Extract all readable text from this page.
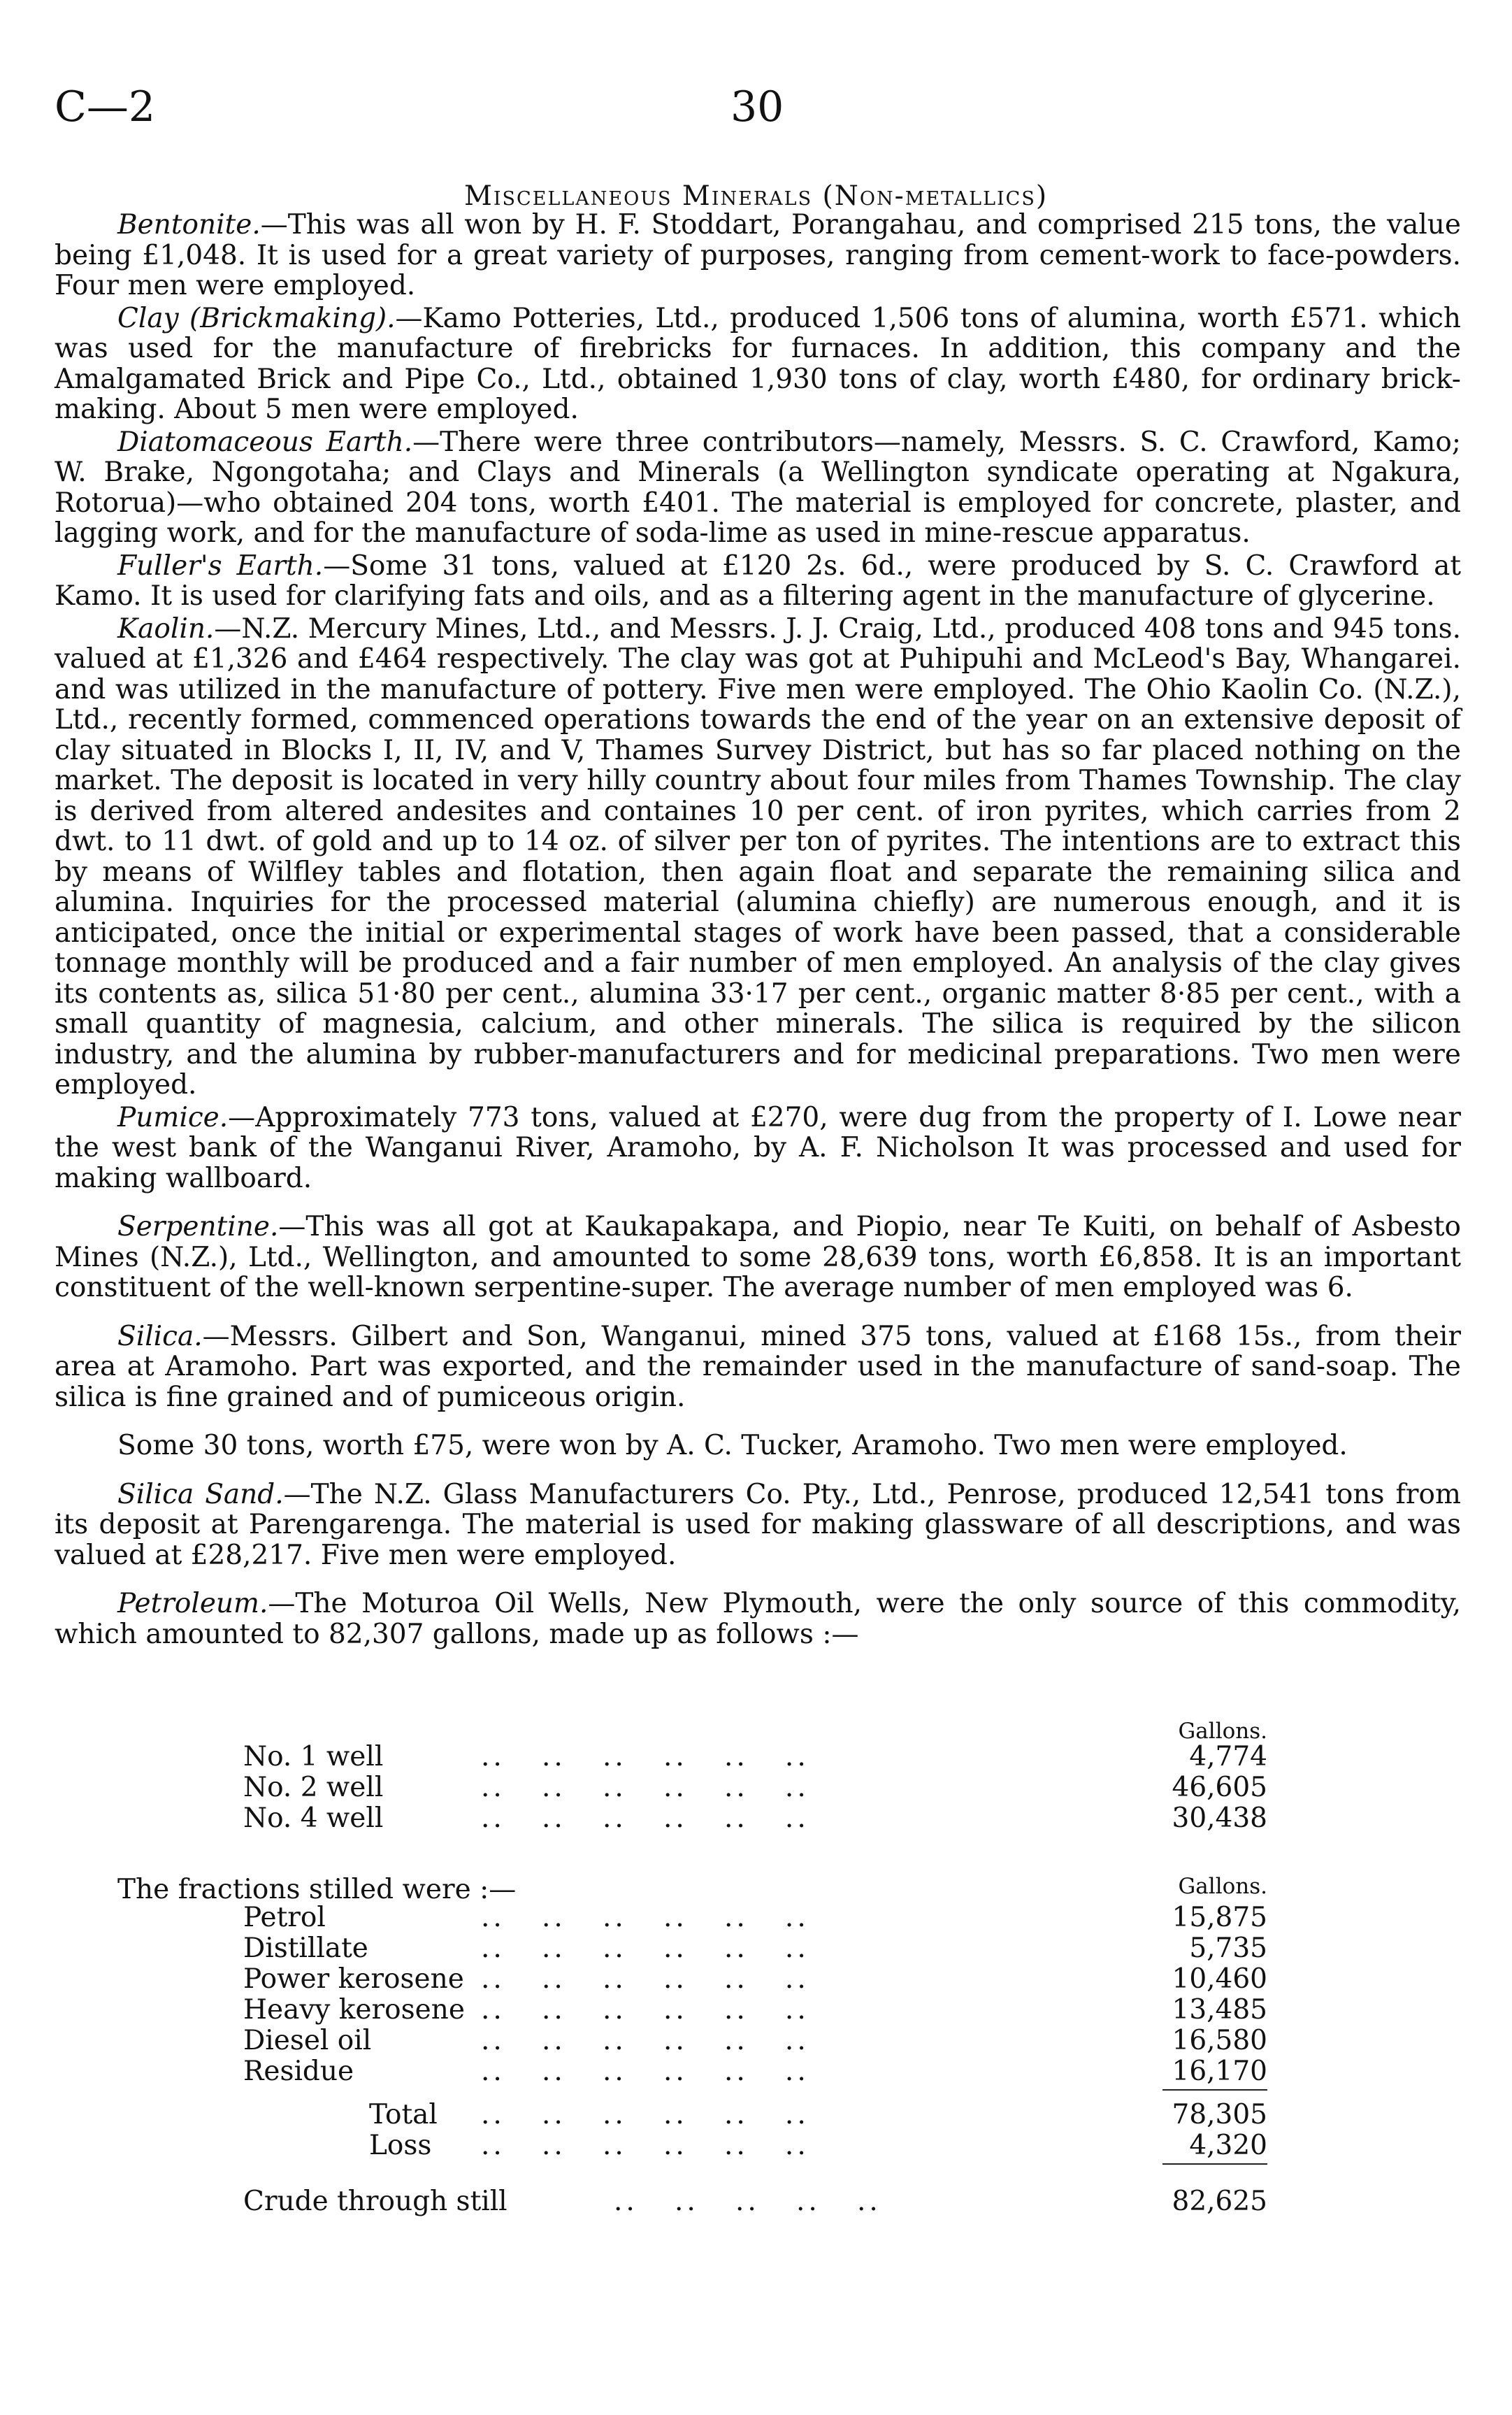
C—2	30
Miscellaneous Minerals (Non-metallics)

Bentonite.—This was all won by H. F. Stoddart, Porangahau, and comprised 215 tons, the value being £1,048. It is used for a great variety of purposes, ranging from cement-work to face-powders. Four men were employed.

Clay (Brickmaking).—Kamo Potteries, Ltd., produced 1,506 tons of alumina, worth £571. which was used for the manufacture of firebricks for furnaces. In addition, this company and the Amalgamated Brick and Pipe Co., Ltd., obtained 1,930 tons of clay, worth £480, for ordinary brick-making. About 5 men were employed.

Diatomaceous Earth.—There were three contributors—namely, Messrs. S. C. Crawford, Kamo; W. Brake, Ngongotaha; and Clays and Minerals (a Wellington syndicate operating at Ngakura, Rotorua)—who obtained 204 tons, worth £401. The material is employed for concrete, plaster, and lagging work, and for the manufacture of soda-lime as used in mine-rescue apparatus.

Fuller's Earth.—Some 31 tons, valued at £120 2s. 6d., were produced by S. C. Crawford at Kamo. It is used for clarifying fats and oils, and as a filtering agent in the manufacture of glycerine.

Kaolin.—N.Z. Mercury Mines, Ltd., and Messrs. J. J. Craig, Ltd., produced 408 tons and 945 tons. valued at £1,326 and £464 respectively. The clay was got at Puhipuhi and McLeod's Bay, Whangarei. and was utilized in the manufacture of pottery. Five men were employed. The Ohio Kaolin Co. (N.Z.), Ltd., recently formed, commenced operations towards the end of the year on an extensive deposit of clay situated in Blocks I, II, IV, and V, Thames Survey District, but has so far placed nothing on the market. The deposit is located in very hilly country about four miles from Thames Township. The clay is derived from altered andesites and containes 10 per cent. of iron pyrites, which carries from 2 dwt. to 11 dwt. of gold and up to 14 oz. of silver per ton of pyrites. The intentions are to extract this by means of Wilfley tables and flotation, then again float and separate the remaining silica and alumina. Inquiries for the processed material (alumina chiefly) are numerous enough, and it is anticipated, once the initial or experimental stages of work have been passed, that a considerable tonnage monthly will be produced and a fair number of men employed. An analysis of the clay gives its contents as, silica 51·80 per cent., alumina 33·17 per cent., organic matter 8·85 per cent., with a small quantity of magnesia, calcium, and other minerals. The silica is required by the silicon industry, and the alumina by rubber-manufacturers and for medicinal preparations. Two men were employed.

Pumice.—Approximately 773 tons, valued at £270, were dug from the property of I. Lowe near the west bank of the Wanganui River, Aramoho, by A. F. Nicholson It was processed and used for making wallboard.

Serpentine.—This was all got at Kaukapakapa, and Piopio, near Te Kuiti, on behalf of Asbesto Mines (N.Z.), Ltd., Wellington, and amounted to some 28,639 tons, worth £6,858. It is an important constituent of the well-known serpentine-super. The average number of men employed was 6.

Silica.—Messrs. Gilbert and Son, Wanganui, mined 375 tons, valued at £168 15s., from their area at Aramoho. Part was exported, and the remainder used in the manufacture of sand-soap. The silica is fine grained and of pumiceous origin.

Some 30 tons, worth £75, were won by A. C. Tucker, Aramoho. Two men were employed.

Silica Sand.—The N.Z. Glass Manufacturers Co. Pty., Ltd., Penrose, produced 12,541 tons from its deposit at Parengarenga. The material is used for making glassware of all descriptions, and was valued at £28,217. Five men were employed.

Petroleum.—The Moturoa Oil Wells, New Plymouth, were the only source of this commodity, which amounted to 82,307 gallons, made up as follows :—

Gallons.
No. 1 well	..   ..   ..   ..   ..   ..	4,774
No. 2 well	..   ..   ..   ..   ..   ..	46,605
No. 4 well	..   ..   ..   ..   ..   ..	30,438
The fractions stilled were :—	Gallons.
Petrol	..   ..   ..   ..   ..   ..	15,875
Distillate	..   ..   ..   ..   ..   ..	5,735
Power kerosene ..   ..   ..   ..   ..   ..	10,460
Heavy kerosene ..   ..   ..   ..   ..   ..	13,485
Diesel oil	..   ..   ..   ..   ..   ..	16,580
Residue	..   ..   ..   ..   ..   ..	16,170
Total ..   ..   ..   ..   ..   ..	78,305
Loss ..   ..   ..   ..   ..   ..	4,320
Crude through still	..   ..   ..   ..   ..	82,625
